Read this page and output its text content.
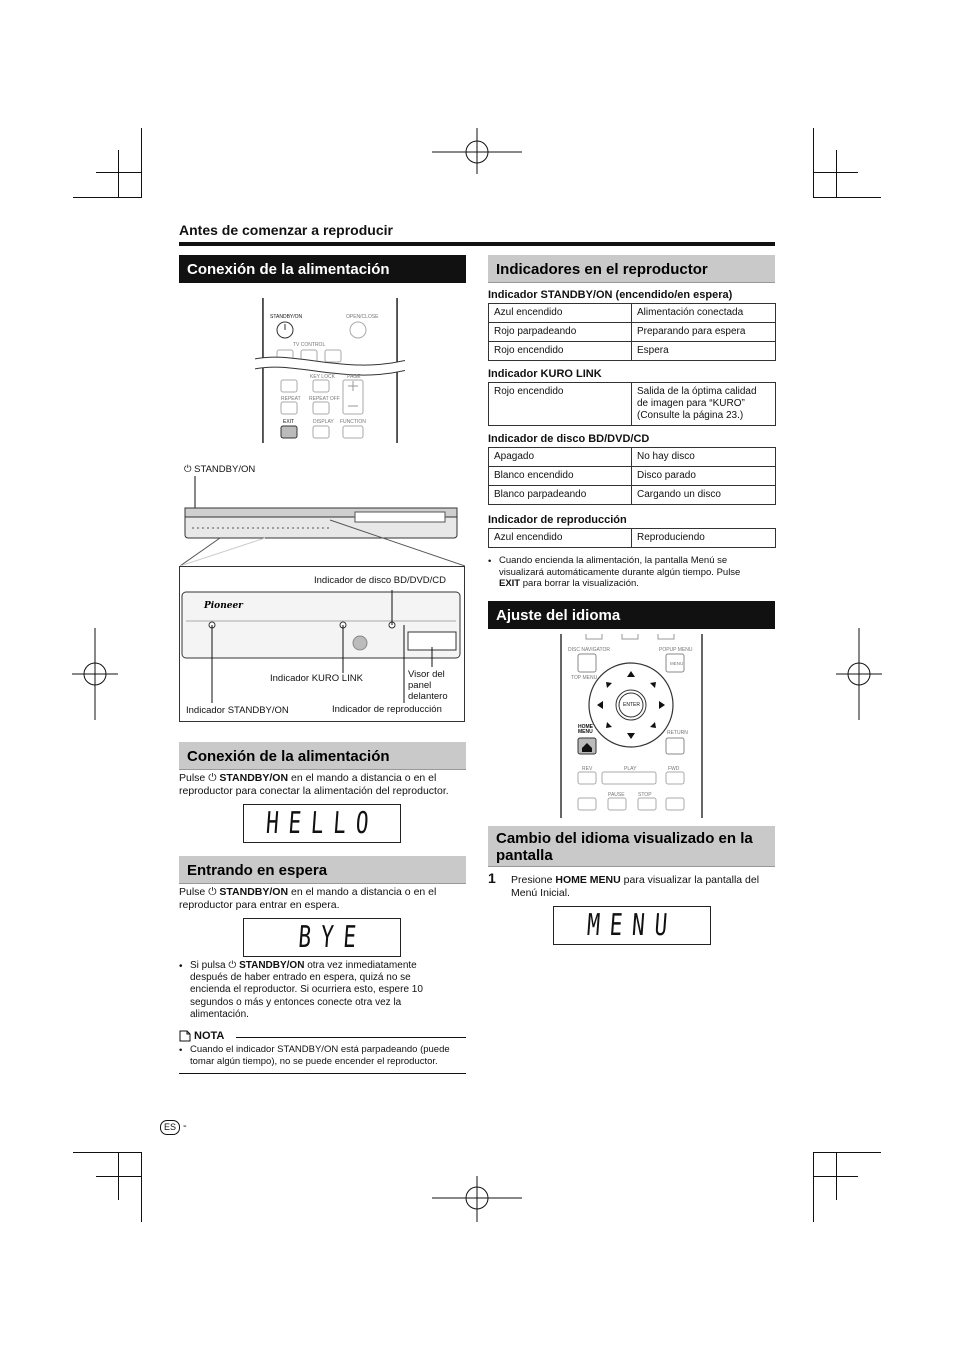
Antes de comenzar a reproducir
Conexión de la alimentación
STANDBY/ON	OPEN/CLOSE
TV CONTROL
KEY LOCK PAGE
REPEAT REPEAT OFF
EXIT	DISPLAY FUNCTION
⏻ STANDBY/ON
Pioneer
Indicador de disco BD/DVD/CD
Indicador KURO LINK	Visor del panel delantero
Indicador STANDBY/ON	Indicador de reproducción
Conexión de la alimentación
Pulse ⏻ STANDBY/ON en el mando a distancia o en el reproductor para conectar la alimentación del reproductor.
HELLO
Entrando en espera
Pulse ⏻ STANDBY/ON en el mando a distancia o en el reproductor para entrar en espera.
BYE
• Si pulsa ⏻ STANDBY/ON otra vez inmediatamente después de haber entrado en espera, quizá no se encienda el reproductor. Si ocurriera esto, espere 10 segundos o más y entonces conecte otra vez la alimentación.
NOTA
• Cuando el indicador STANDBY/ON está parpadeando (puede tomar algún tiempo), no se puede encender el reproductor.
Indicadores en el reproductor
Indicador STANDBY/ON (encendido/en espera)
Azul encendido	Alimentación conectada
Rojo parpadeando	Preparando para espera
Rojo encendido	Espera
Indicador KURO LINK
Rojo encendido	Salida de la óptima calidad de imagen para “KURO” (Consulte la página 23.)
Indicador de disco BD/DVD/CD
Apagado	No hay disco
Blanco encendido	Disco parado
Blanco parpadeando	Cargando un disco
Indicador de reproducción
Azul encendido	Reproduciendo
• Cuando encienda la alimentación, la pantalla Menú se visualizará automáticamente durante algún tiempo. Pulse EXIT para borrar la visualización.
Ajuste del idioma
DISC NAVIGATOR	POPUP MENU
MENU
TOP MENU
ENTER
HOME MENU	RETURN
REV	PLAY	FWD
PAUSE	STOP
Cambio del idioma visualizado en la pantalla
1 Presione HOME MENU para visualizar la pantalla del Menú Inicial.
MENU
ES -
